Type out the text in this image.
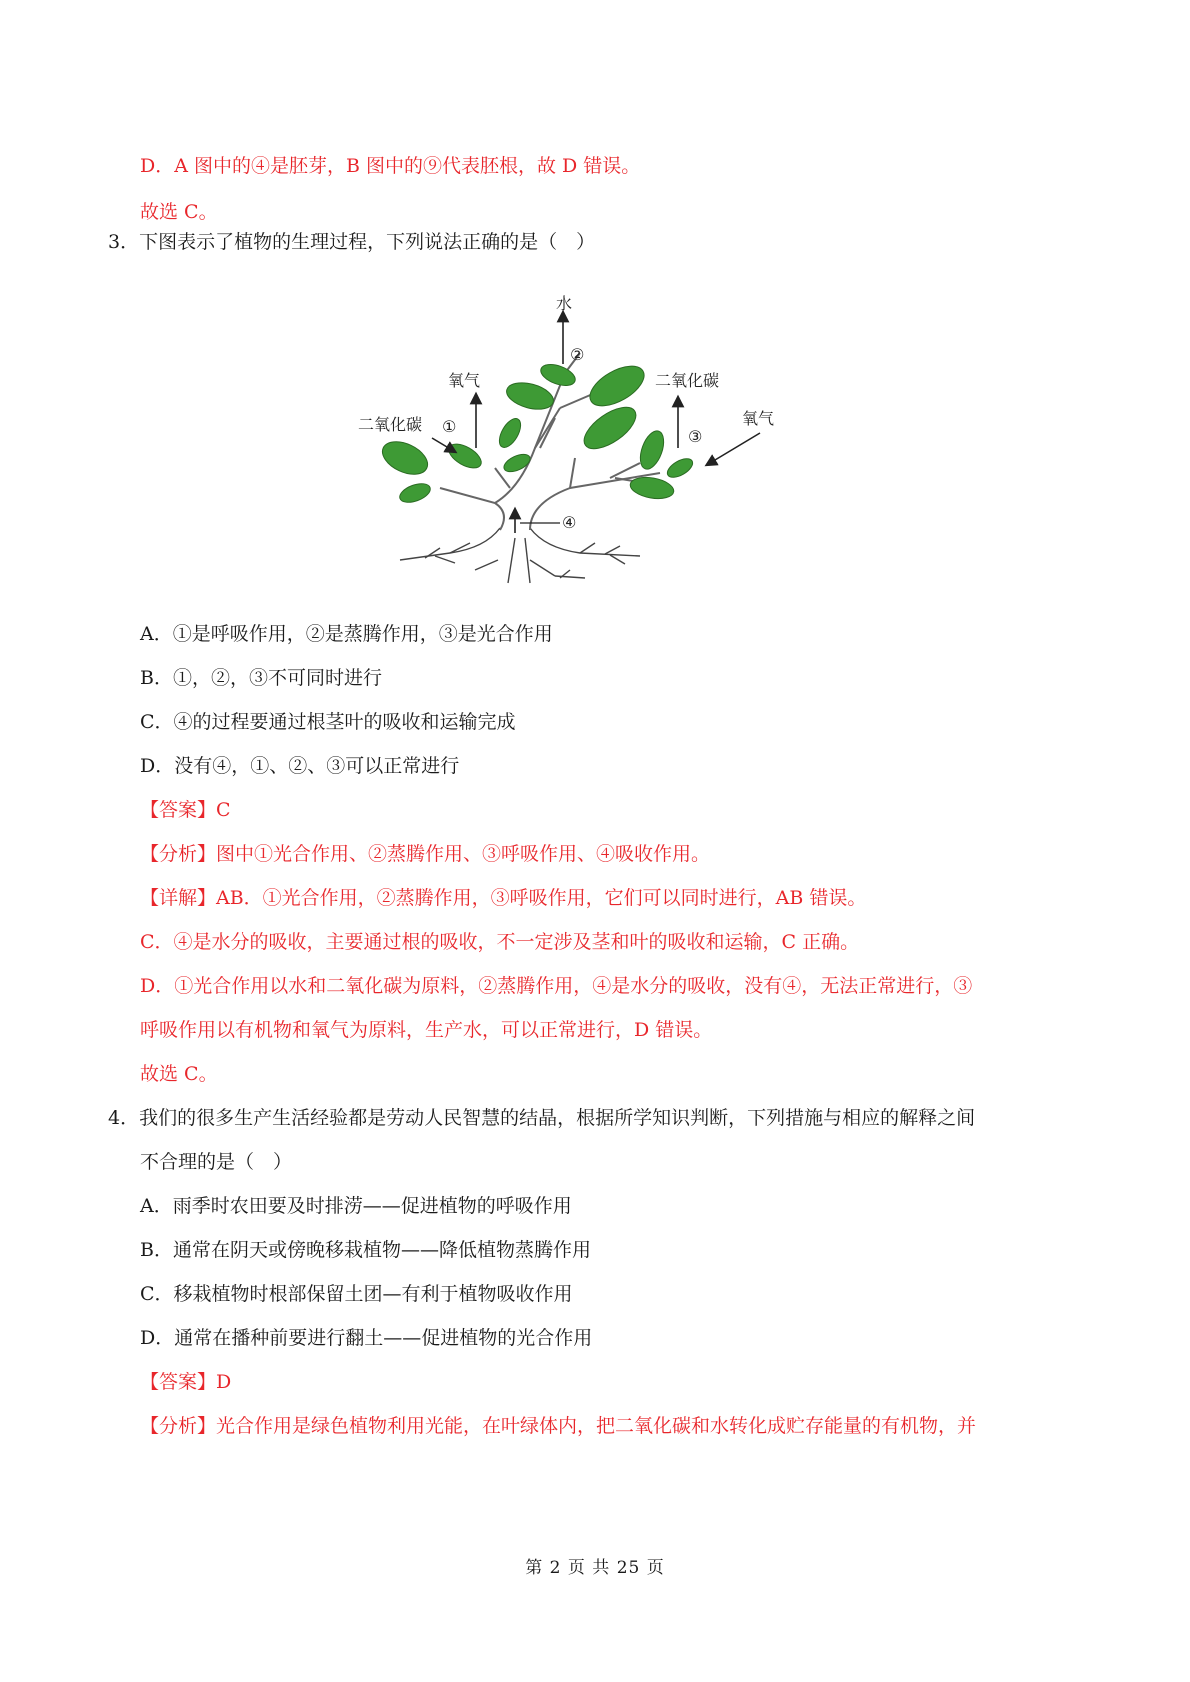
D．A 图中的④是胚芽，B 图中的⑨代表胚根，故 D 错误。
故选 C。
3．下图表示了植物的生理过程，下列说法正确的是（　）
水
②
氧气
二氧化碳 ①
二氧化碳
③
氧气
④
A．①是呼吸作用，②是蒸腾作用，③是光合作用
B．①，②，③不可同时进行
C．④的过程要通过根茎叶的吸收和运输完成
D．没有④，①、②、③可以正常进行
【答案】C
【分析】图中①光合作用、②蒸腾作用、③呼吸作用、④吸收作用。
【详解】AB．①光合作用，②蒸腾作用，③呼吸作用，它们可以同时进行，AB 错误。
C．④是水分的吸收，主要通过根的吸收，不一定涉及茎和叶的吸收和运输，C 正确。
D．①光合作用以水和二氧化碳为原料，②蒸腾作用，④是水分的吸收，没有④，无法正常进行，③
呼吸作用以有机物和氧气为原料，生产水，可以正常进行，D 错误。
故选 C。
4．我们的很多生产生活经验都是劳动人民智慧的结晶，根据所学知识判断，下列措施与相应的解释之间
不合理的是（　）
A．雨季时农田要及时排涝——促进植物的呼吸作用
B．通常在阴天或傍晚移栽植物——降低植物蒸腾作用
C．移栽植物时根部保留土团—有利于植物吸收作用
D．通常在播种前要进行翻土——促进植物的光合作用
【答案】D
【分析】光合作用是绿色植物利用光能，在叶绿体内，把二氧化碳和水转化成贮存能量的有机物，并
第 2 页 共 25 页
